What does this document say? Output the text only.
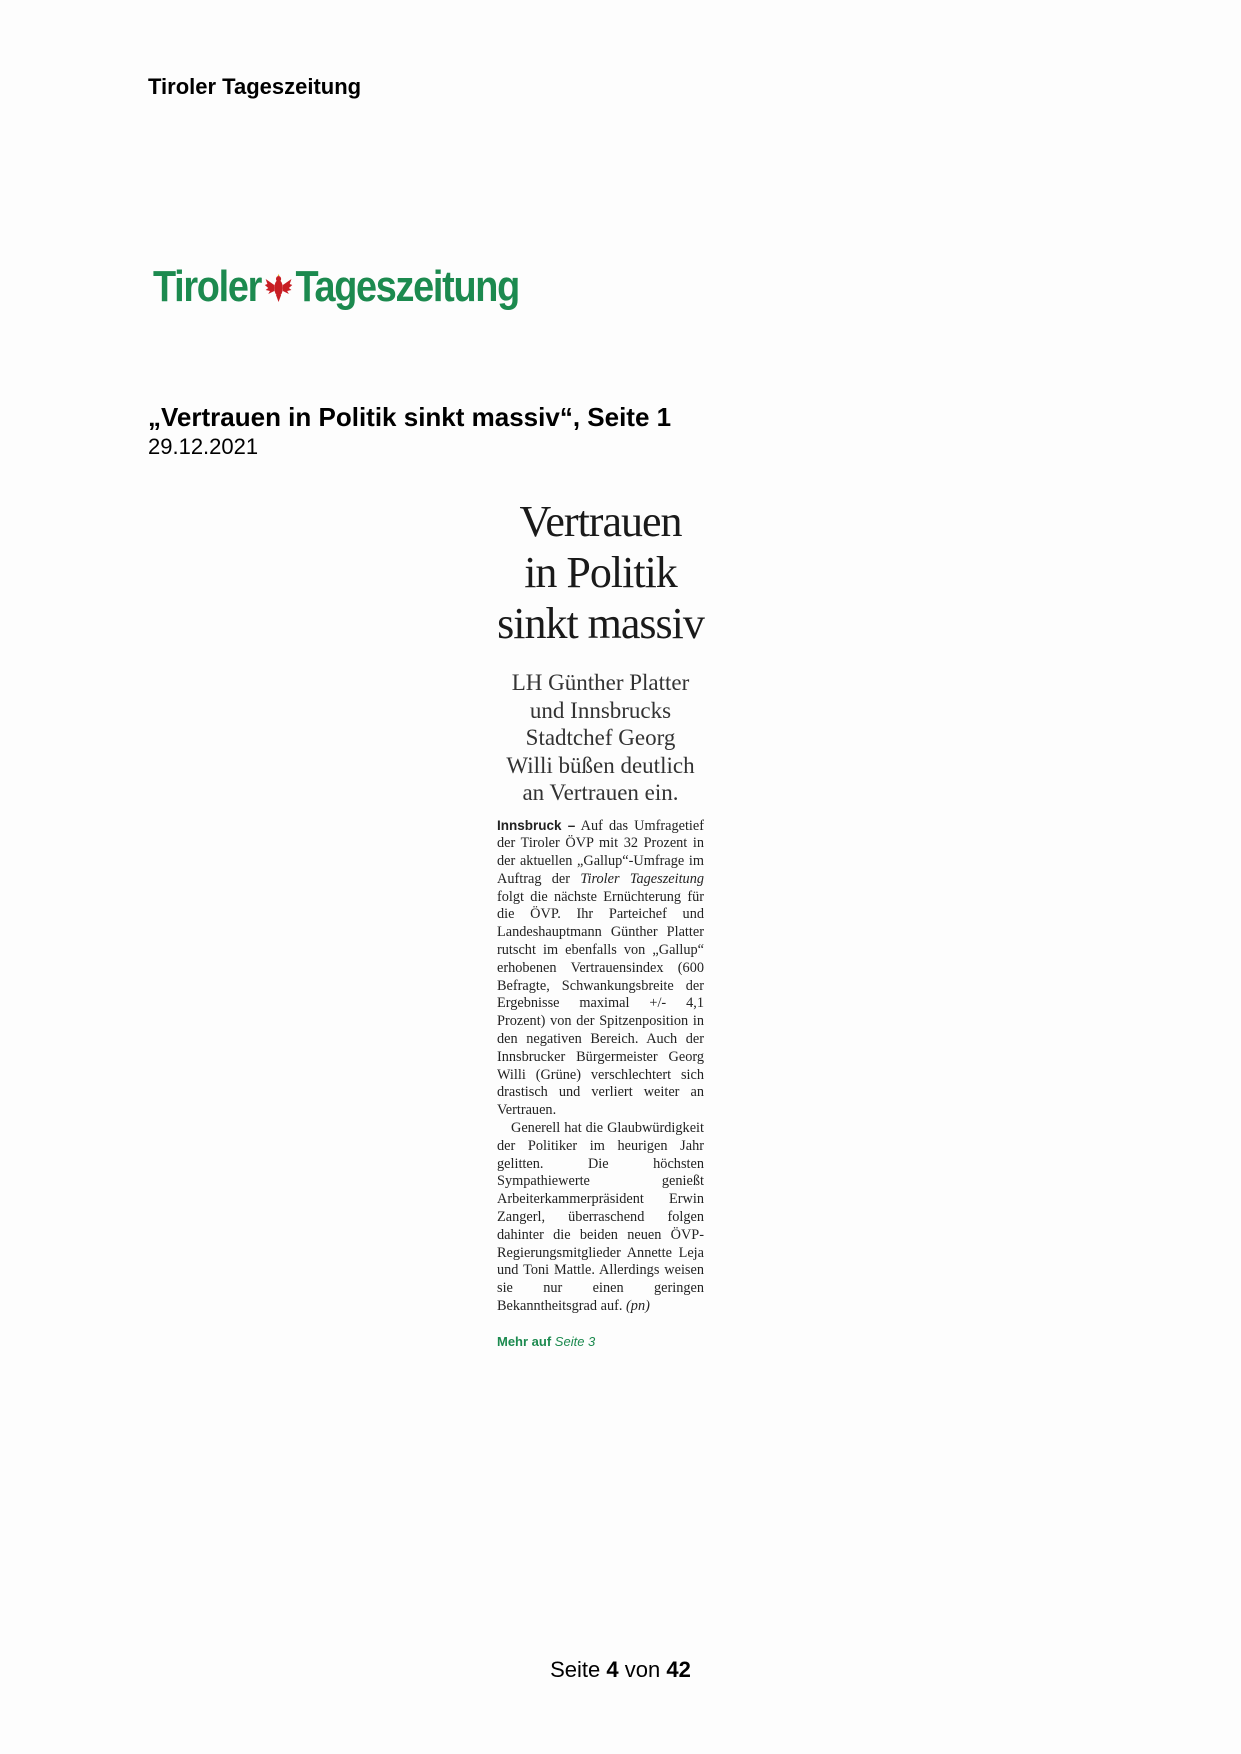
Tiroler Tageszeitung
Tiroler Tageszeitung
„Vertrauen in Politik sinkt massiv“, Seite 1
29.12.2021
Vertrauen
in Politik
sinkt massiv
LH Günther Platter
und Innsbrucks
Stadtchef Georg
Willi büßen deutlich
an Vertrauen ein.

Innsbruck – Auf das Umfragetief der Tiroler ÖVP mit 32 Prozent in der aktuellen „Gallup“-Umfrage im Auftrag der Tiroler Tageszeitung folgt die nächste Ernüchterung für die ÖVP. Ihr Parteichef und Landeshauptmann Günther Platter rutscht im ebenfalls von „Gallup“ erhobenen Vertrauensindex (600 Befragte, Schwankungsbreite der Ergebnisse maximal +/- 4,1 Prozent) von der Spitzenposition in den negativen Bereich. Auch der Innsbrucker Bürgermeister Georg Willi (Grüne) verschlechtert sich drastisch und verliert weiter an Vertrauen.

Generell hat die Glaubwürdigkeit der Politiker im heurigen Jahr gelitten. Die höchsten Sympathiewerte genießt Arbeiterkammerpräsident Erwin Zangerl, überraschend folgen dahinter die beiden neuen ÖVP-Regierungsmitglieder Annette Leja und Toni Mattle. Allerdings weisen sie nur einen geringen Bekanntheitsgrad auf. (pn)

Mehr auf Seite 3
Seite 4 von 42
